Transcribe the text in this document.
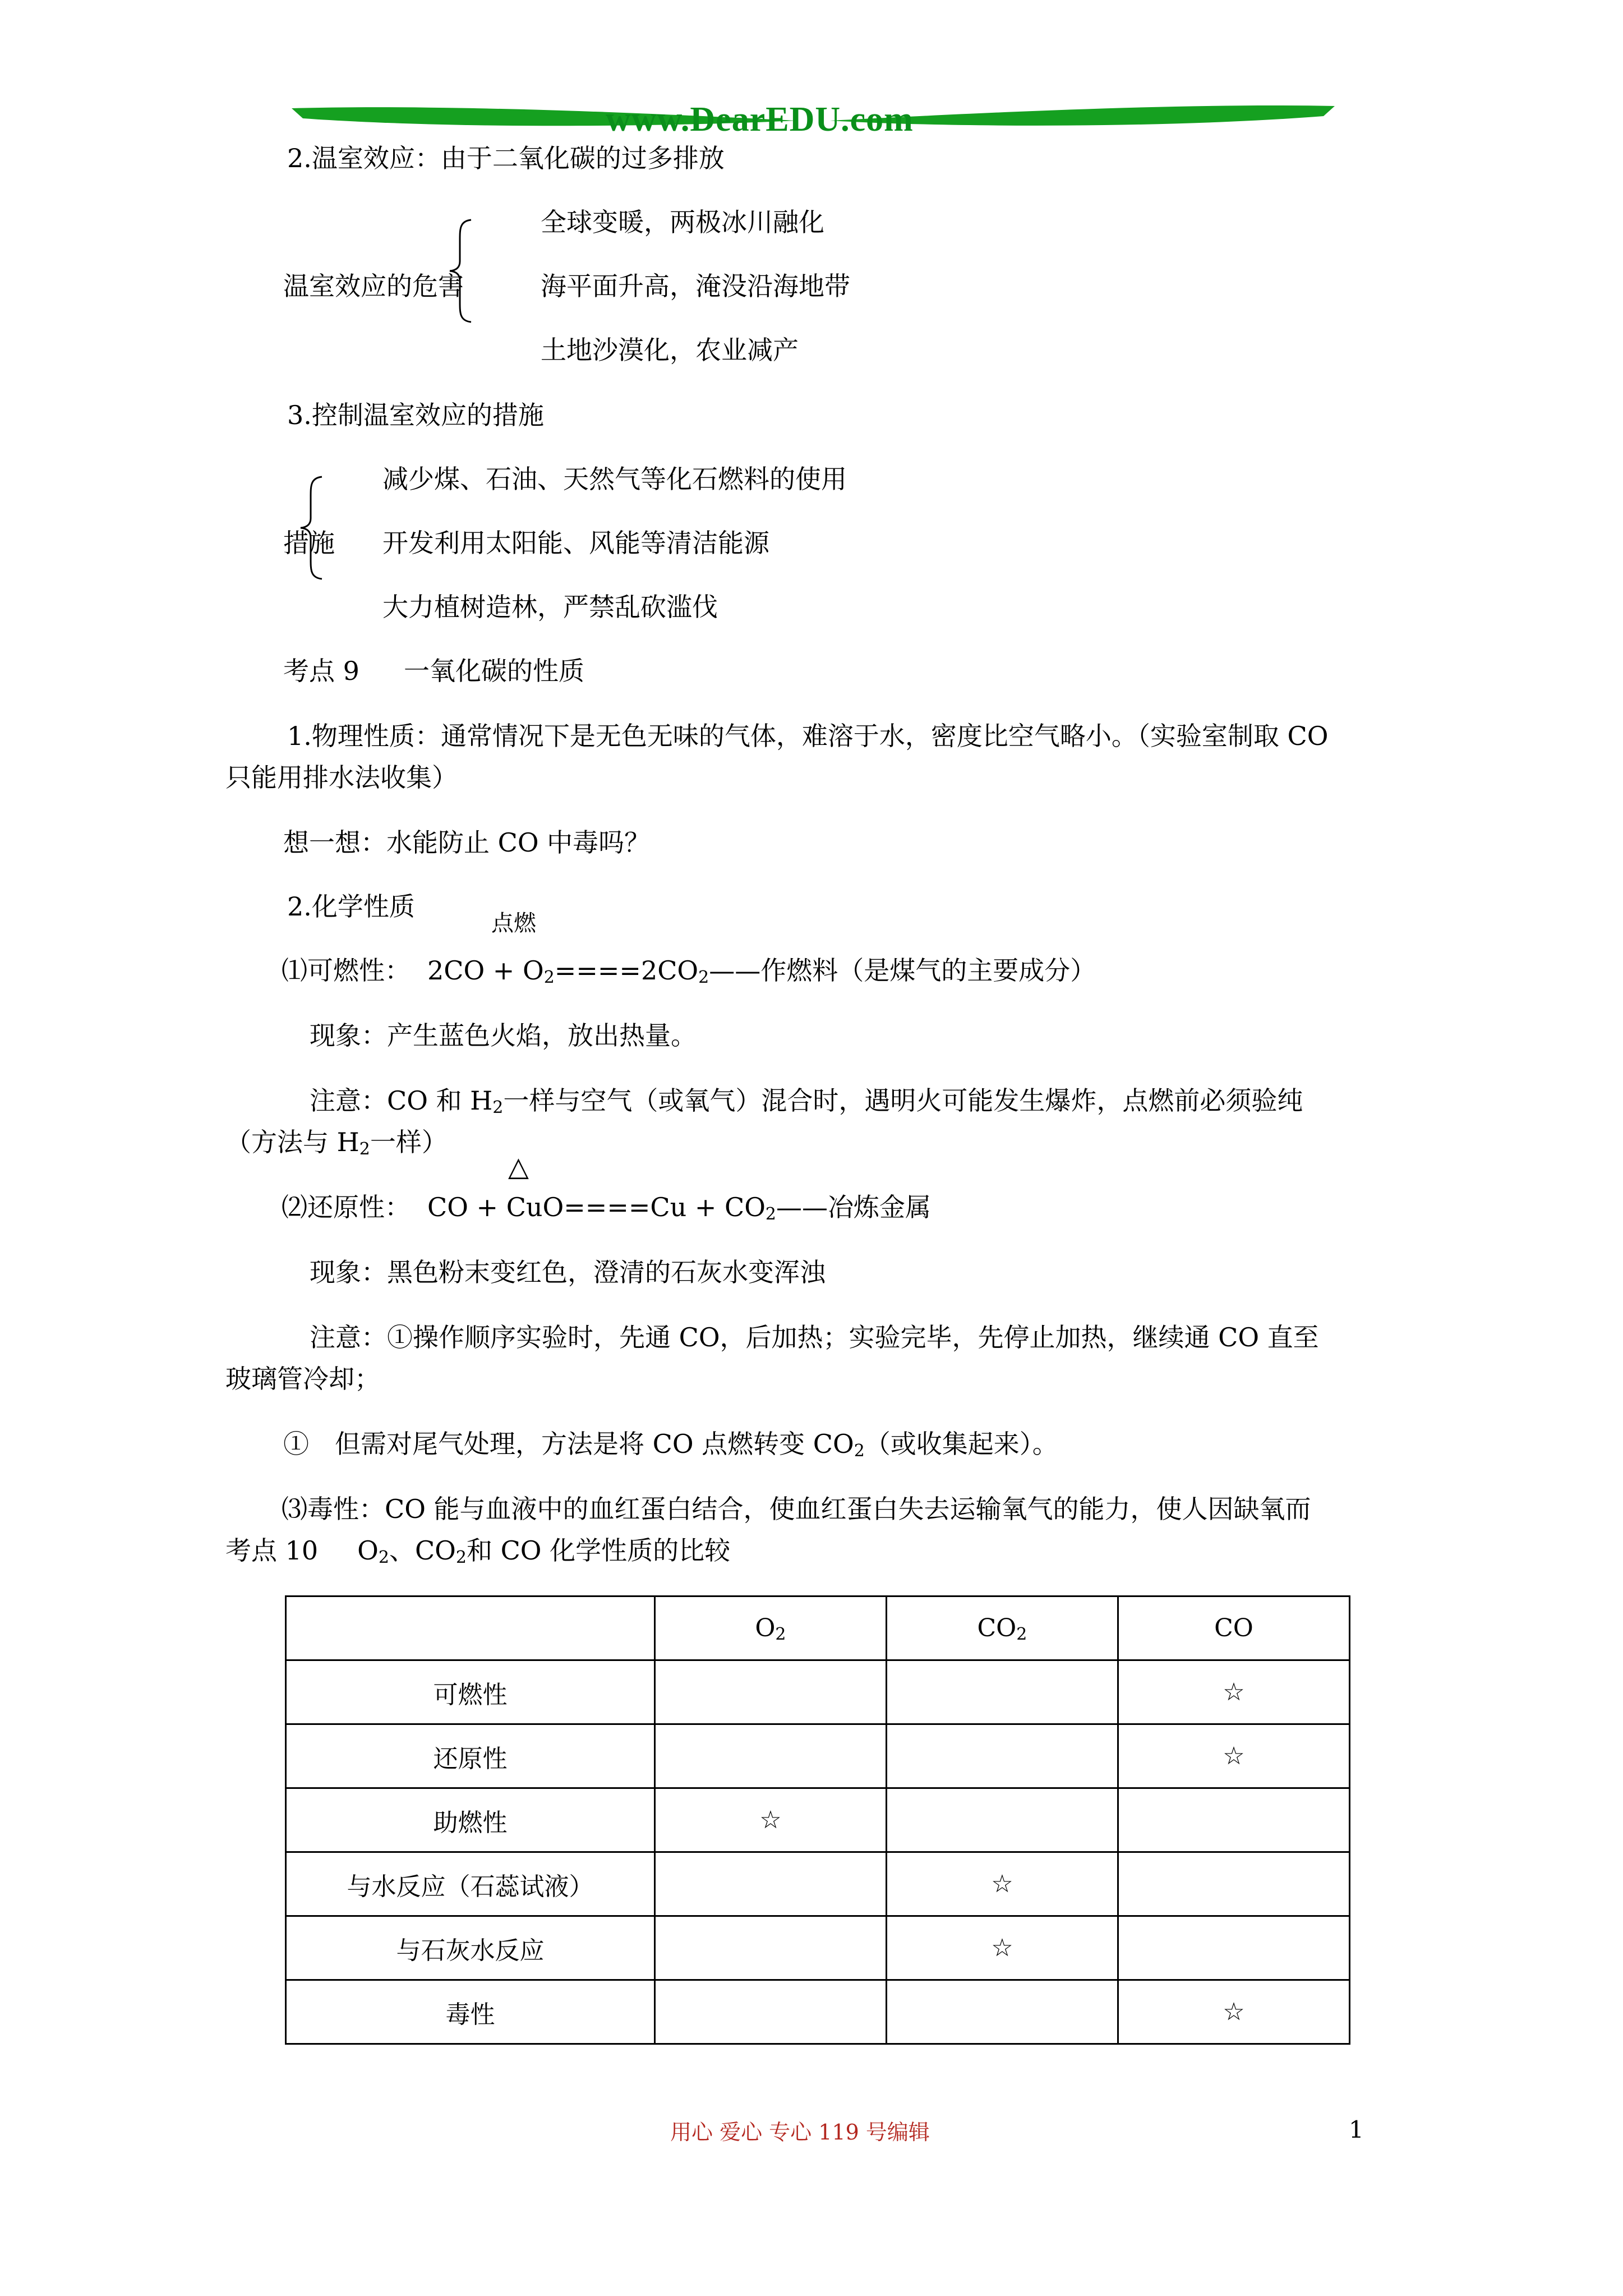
www.DearEDU.com
2.温室效应：由于二氧化碳的过多排放
全球变暖，两极冰川融化
温室效应的危害	海平面升高，淹没沿海地带
土地沙漠化，农业减产
3.控制温室效应的措施
减少煤、石油、天然气等化石燃料的使用
措施 开发利用太阳能、风能等清洁能源
大力植树造林，严禁乱砍滥伐
考点 9 一氧化碳的性质
1.物理性质：通常情况下是无色无味的气体，难溶于水，密度比空气略小。（实验室制取 CO
只能用排水法收集）
想一想：水能防止 CO 中毒吗？
2.化学性质
点燃
⑴可燃性： $2CO + O_2====2CO_2——$作燃料（是煤气的主要成分）
现象：产生蓝色火焰，放出热量。
注意：CO 和 $H_2$一样与空气（或氧气）混合时，遇明火可能发生爆炸，点燃前必须验纯
（方法与 $H_2$一样）
△
⑵还原性： CO + $CuO====Cu + CO_2——$冶炼金属
现象：黑色粉末变红色，澄清的石灰水变浑浊
注意：①操作顺序实验时，先通 CO，后加热；实验完毕，先停止加热，继续通 CO 直至
玻璃管冷却；
①　但需对尾气处理，方法是将 CO 点燃转变 $CO_2$（或收集起来）。
⑶毒性：CO 能与血液中的血红蛋白结合，使血红蛋白失去运输氧气的能力，使人因缺氧而
考点 10 $O_2$、$CO_2$和 CO 化学性质的比较
	$O_2$	$CO_2$	CO
可燃性			☆
还原性			☆
助燃性	☆		
与水反应（石蕊试液）		☆	
与石灰水反应		☆	
毒性			☆
用心 爱心 专心 119 号编辑	1
